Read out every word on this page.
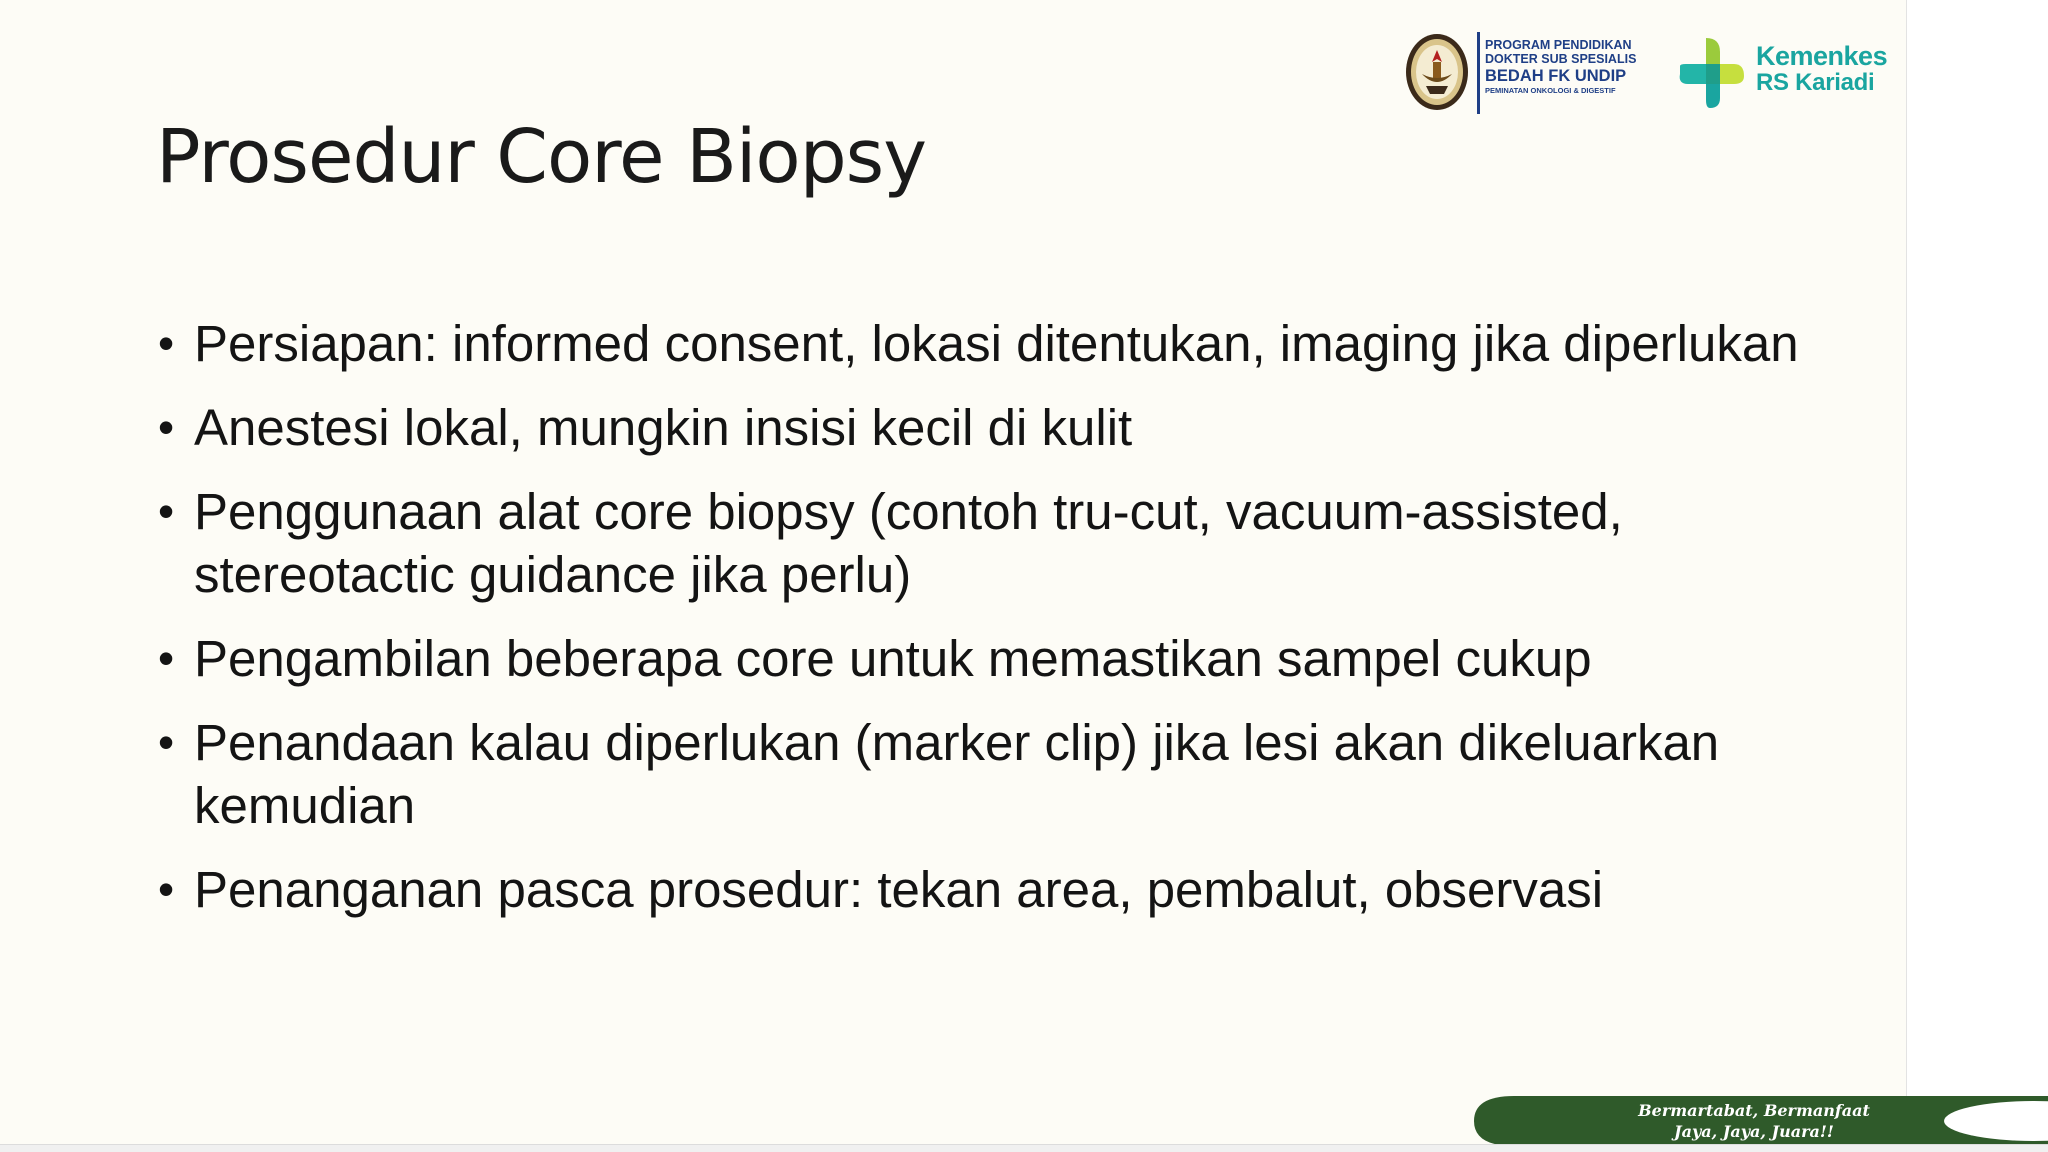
PROGRAM PENDIDIKAN
DOKTER SUB SPESIALIS
BEDAH FK UNDIP
PEMINATAN ONKOLOGI & DIGESTIF
Kemenkes
RS Kariadi
Prosedur Core Biopsy
• Persiapan: informed consent, lokasi ditentukan, imaging jika diperlukan
• Anestesi lokal, mungkin insisi kecil di kulit
• Penggunaan alat core biopsy (contoh tru-cut, vacuum-assisted, stereotactic guidance jika perlu)
• Pengambilan beberapa core untuk memastikan sampel cukup
• Penandaan kalau diperlukan (marker clip) jika lesi akan dikeluarkan kemudian
• Penanganan pasca prosedur: tekan area, pembalut, observasi
Bermartabat, Bermanfaat
Jaya, Jaya, Juara!!
